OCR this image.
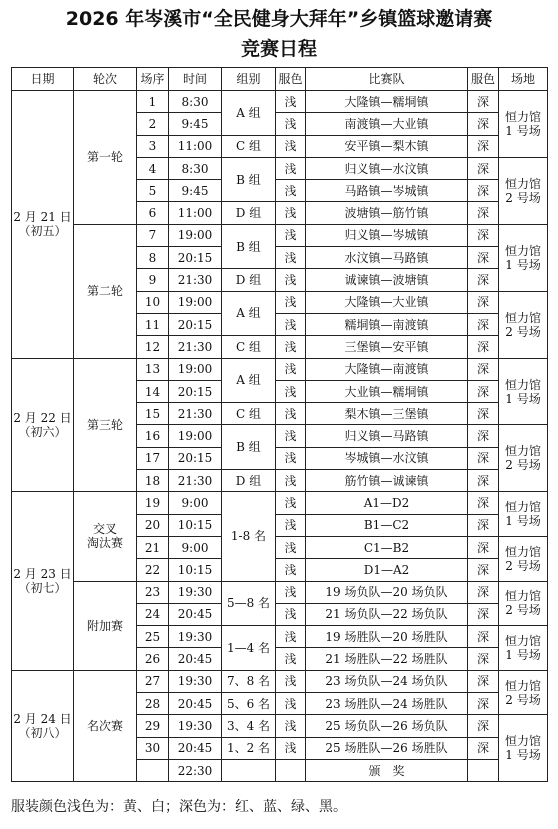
2026 年岑溪市“全民健身大拜年”乡镇篮球邀请赛
竞赛日程
日期	轮次	场序	时间	组别	服色	比赛队	服色	场地
2 月 21 日（初五）	第一轮	1	8:30	A 组	浅	大隆镇—糯垌镇	深	恒力馆
1 号场
		2	9:45		浅	南渡镇—大业镇	深	
		3	11:00	C 组	浅	安平镇—梨木镇	深	
		4	8:30	B 组	浅	归义镇—水汶镇	深	恒力馆
2 号场
		5	9:45		浅	马路镇—岑城镇	深	
		6	11:00	D 组	浅	波塘镇—筋竹镇	深	
	第二轮	7	19:00	B 组	浅	归义镇—岑城镇	深	恒力馆
1 号场
		8	20:15		浅	水汶镇—马路镇	深	
		9	21:30	D 组	浅	诚谏镇—波塘镇	深	
		10	19:00	A 组	浅	大隆镇—大业镇	深	恒力馆
2 号场
		11	20:15		浅	糯垌镇—南渡镇	深	
		12	21:30	C 组	浅	三堡镇—安平镇	深	
2 月 22 日（初六）	第三轮	13	19:00	A 组	浅	大隆镇—南渡镇	深	恒力馆
1 号场
		14	20:15		浅	大业镇—糯垌镇	深	
		15	21:30	C 组	浅	梨木镇—三堡镇	深	
		16	19:00	B 组	浅	归义镇—马路镇	深	恒力馆
2 号场
		17	20:15		浅	岑城镇—水汶镇	深	
		18	21:30	D 组	浅	筋竹镇—诚谏镇	深	
2 月 23 日（初七）	交叉
淘汰赛	19	9:00	1-8 名	浅	A1—D2	深	恒力馆
1 号场
		20	10:15		浅	B1—C2	深	
		21	9:00		浅	C1—B2	深	恒力馆
2 号场
		22	10:15		浅	D1—A2	深	
	附加赛	23	19:30	5—8 名	浅	19 场负队—20 场负队	深	恒力馆
2 号场
		24	20:45		浅	21 场负队—22 场负队	深	
		25	19:30	1—4 名	浅	19 场胜队—20 场胜队	深	恒力馆
1 号场
		26	20:45		浅	21 场胜队—22 场胜队	深	
2 月 24 日（初八）	名次赛	27	19:30	7、8 名	浅	23 场负队—24 场负队	深	恒力馆
2 号场
		28	20:45	5、6 名	浅	23 场胜队—24 场胜队	深	
		29	19:30	3、4 名	浅	25 场负队—26 场负队	深	恒力馆
1 号场
		30	20:45	1、2 名	浅	25 场胜队—26 场胜队	深	
			22:30			颁　奖		
服装颜色浅色为：黄、白；深色为：红、蓝、绿、黑。
